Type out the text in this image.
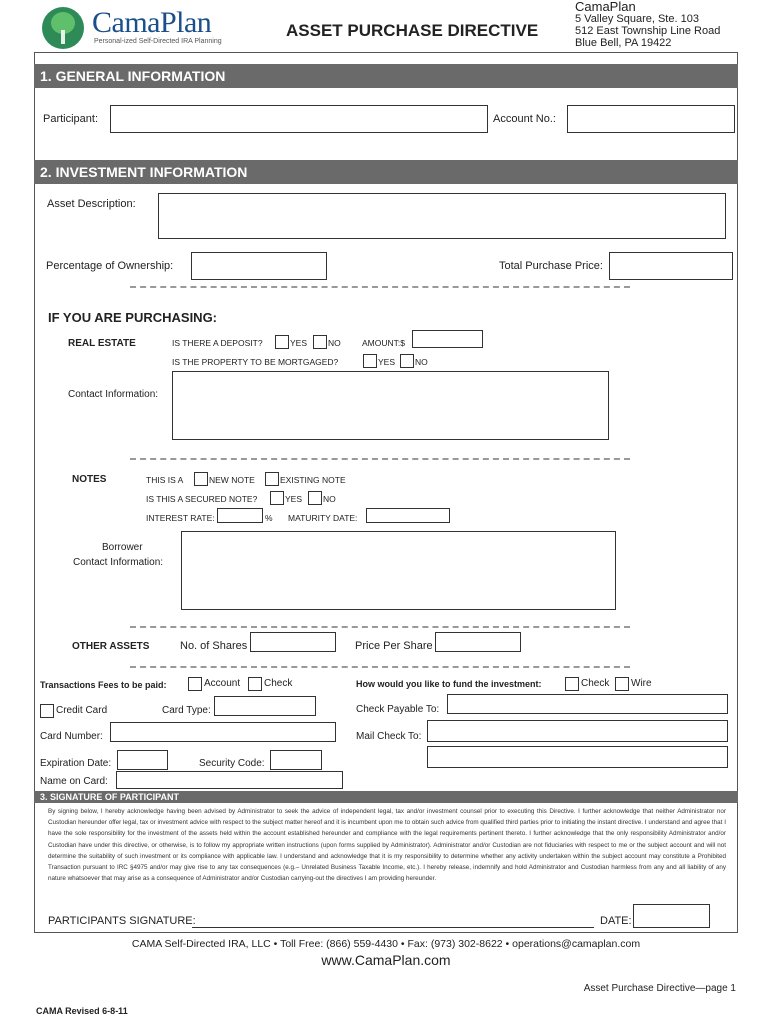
CamaPlan
Personal-ized Self-Directed IRA Planning
ASSET PURCHASE DIRECTIVE
CamaPlan
5 Valley Square, Ste. 103
512 East Township Line Road
Blue Bell, PA 19422
1. GENERAL INFORMATION
Participant:	Account No.:
2. INVESTMENT INFORMATION
Asset Description:
Percentage of Ownership:	Total Purchase Price:
IF YOU ARE PURCHASING:
REAL ESTATE	IS THERE A DEPOSIT?	YES NO	AMOUNT:$
IS THE PROPERTY TO BE MORTGAGED?	YES NO
Contact Information:
NOTES	THIS IS A	NEW NOTE	EXISTING NOTE
IS THIS A SECURED NOTE?	YES NO
INTEREST RATE:	% MATURITY DATE:
Borrower
Contact Information:
OTHER ASSETS	No. of Shares	Price Per Share
Transactions Fees to be paid:	Account Check
Credit Card	Card Type:
Card Number:
Expiration Date:	Security Code:
Name on Card:
How would you like to fund the investment:	Check Wire
Check Payable To:
Mail Check To:
3. SIGNATURE OF PARTICIPANT
By signing below, I hereby acknowledge having been advised by Administrator to seek the advice of independent legal, tax and/or investment counsel prior to executing this Directive. I further acknowledge that neither Administrator nor Custodian hereunder offer legal, tax or investment advice with respect to the subject matter hereof and it is incumbent upon me to obtain such advice from qualified third parties prior to initiating the instant directive. I understand and agree that I have the sole responsibility for the investment of the assets held within the account established hereunder and compliance with the legal requirements pertinent thereto. I further acknowledge that the only responsibility Administrator and/or Custodian have under this directive, or otherwise, is to follow my appropriate written instructions (upon forms supplied by Administrator). Administrator and/or Custodian are not fiduciaries with respect to me or the subject account and will not determine the suitability of such investment or its compliance with applicable law. I understand and acknowledge that it is my responsibility to determine whether any activity undertaken within the subject account may constitute a Prohibited Transaction pursuant to IRC §4975 and/or may give rise to any tax consequences (e.g.– Unrelated Business Taxable Income, etc.). I hereby release, indemnify and hold Administrator and Custodian harmless from any and all liability of any nature whatsoever that may arise as a consequence of Administrator and/or Custodian carrying-out the directives I am providing hereunder.
PARTICIPANTS SIGNATURE:	DATE:
CAMA Self-Directed IRA, LLC • Toll Free: (866) 559-4430 • Fax: (973) 302-8622 • operations@camaplan.com
www.CamaPlan.com
Asset Purchase Directive—page 1
CAMA Revised 6-8-11
